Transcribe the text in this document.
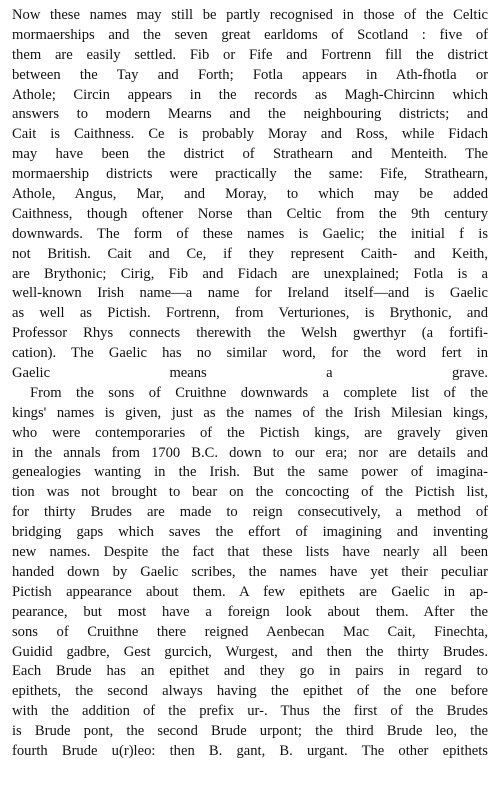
Now these names may still be partly recognised in those of the Celtic
mormaerships and the seven great earldoms of Scotland : five of
them are easily settled. Fib or Fife and Fortrenn fill the district
between the Tay and Forth; Fotla appears in Ath-fhotla or
Athole; Circin appears in the records as Magh-Chircinn which
answers to modern Mearns and the neighbouring districts; and
Cait is Caithness. Ce is probably Moray and Ross, while Fidach
may have been the district of Strathearn and Menteith. The
mormaership districts were practically the same: Fife, Strathearn,
Athole, Angus, Mar, and Moray, to which may be added
Caithness, though oftener Norse than Celtic from the 9th century
downwards. The form of these names is Gaelic; the initial f is
not British. Cait and Ce, if they represent Caith- and Keith,
are Brythonic; Cirig, Fib and Fidach are unexplained; Fotla is a
well-known Irish name—a name for Ireland itself—and is Gaelic
as well as Pictish. Fortrenn, from Verturiones, is Brythonic, and
Professor Rhys connects therewith the Welsh gwerthyr (a fortifi-
cation). The Gaelic has no similar word, for the word fert in
Gaelic means a grave.
From the sons of Cruithne downwards a complete list of the
kings' names is given, just as the names of the Irish Milesian kings,
who were contemporaries of the Pictish kings, are gravely given
in the annals from 1700 B.C. down to our era; nor are details and
genealogies wanting in the Irish. But the same power of imagina-
tion was not brought to bear on the concocting of the Pictish list,
for thirty Brudes are made to reign consecutively, a method of
bridging gaps which saves the effort of imagining and inventing
new names. Despite the fact that these lists have nearly all been
handed down by Gaelic scribes, the names have yet their peculiar
Pictish appearance about them. A few epithets are Gaelic in ap-
pearance, but most have a foreign look about them. After the
sons of Cruithne there reigned Aenbecan Mac Cait, Finechta,
Guidid gadbre, Gest gurcich, Wurgest, and then the thirty Brudes.
Each Brude has an epithet and they go in pairs in regard to
epithets, the second always having the epithet of the one before
with the addition of the prefix ur-. Thus the first of the Brudes
is Brude pont, the second Brude urpont; the third Brude leo, the
fourth Brude u(r)leo: then B. gant, B. urgant. The other epithets
